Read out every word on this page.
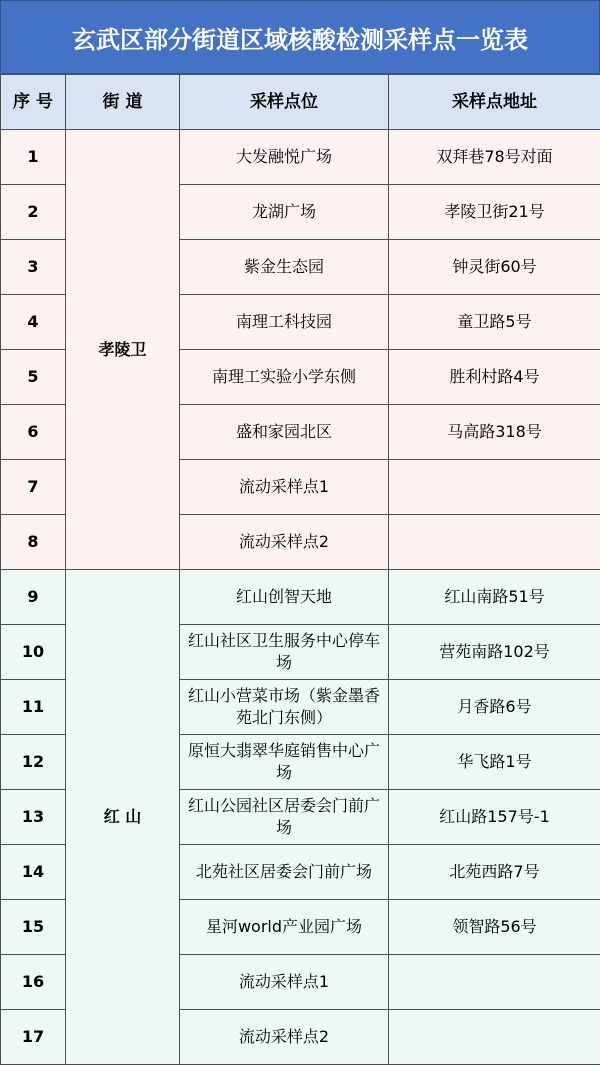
玄武区部分街道区域核酸检测采样点一览表
序 号	街 道	采样点位	采样点地址
1	孝陵卫	大发融悦广场	双拜巷78号对面
2		龙湖广场	孝陵卫街21号
3		紫金生态园	钟灵街60号
4		南理工科技园	童卫路5号
5		南理工实验小学东侧	胜利村路4号
6		盛和家园北区	马高路318号
7		流动采样点1	
8		流动采样点2	
9	红 山	红山创智天地	红山南路51号
10		红山社区卫生服务中心停车场	营苑南路102号
11		红山小营菜市场（紫金墨香苑北门东侧）	月香路6号
12		原恒大翡翠华庭销售中心广场	华飞路1号
13		红山公园社区居委会门前广场	红山路157号-1
14		北苑社区居委会门前广场	北苑西路7号
15		星河world产业园广场	领智路56号
16		流动采样点1	
17		流动采样点2	
